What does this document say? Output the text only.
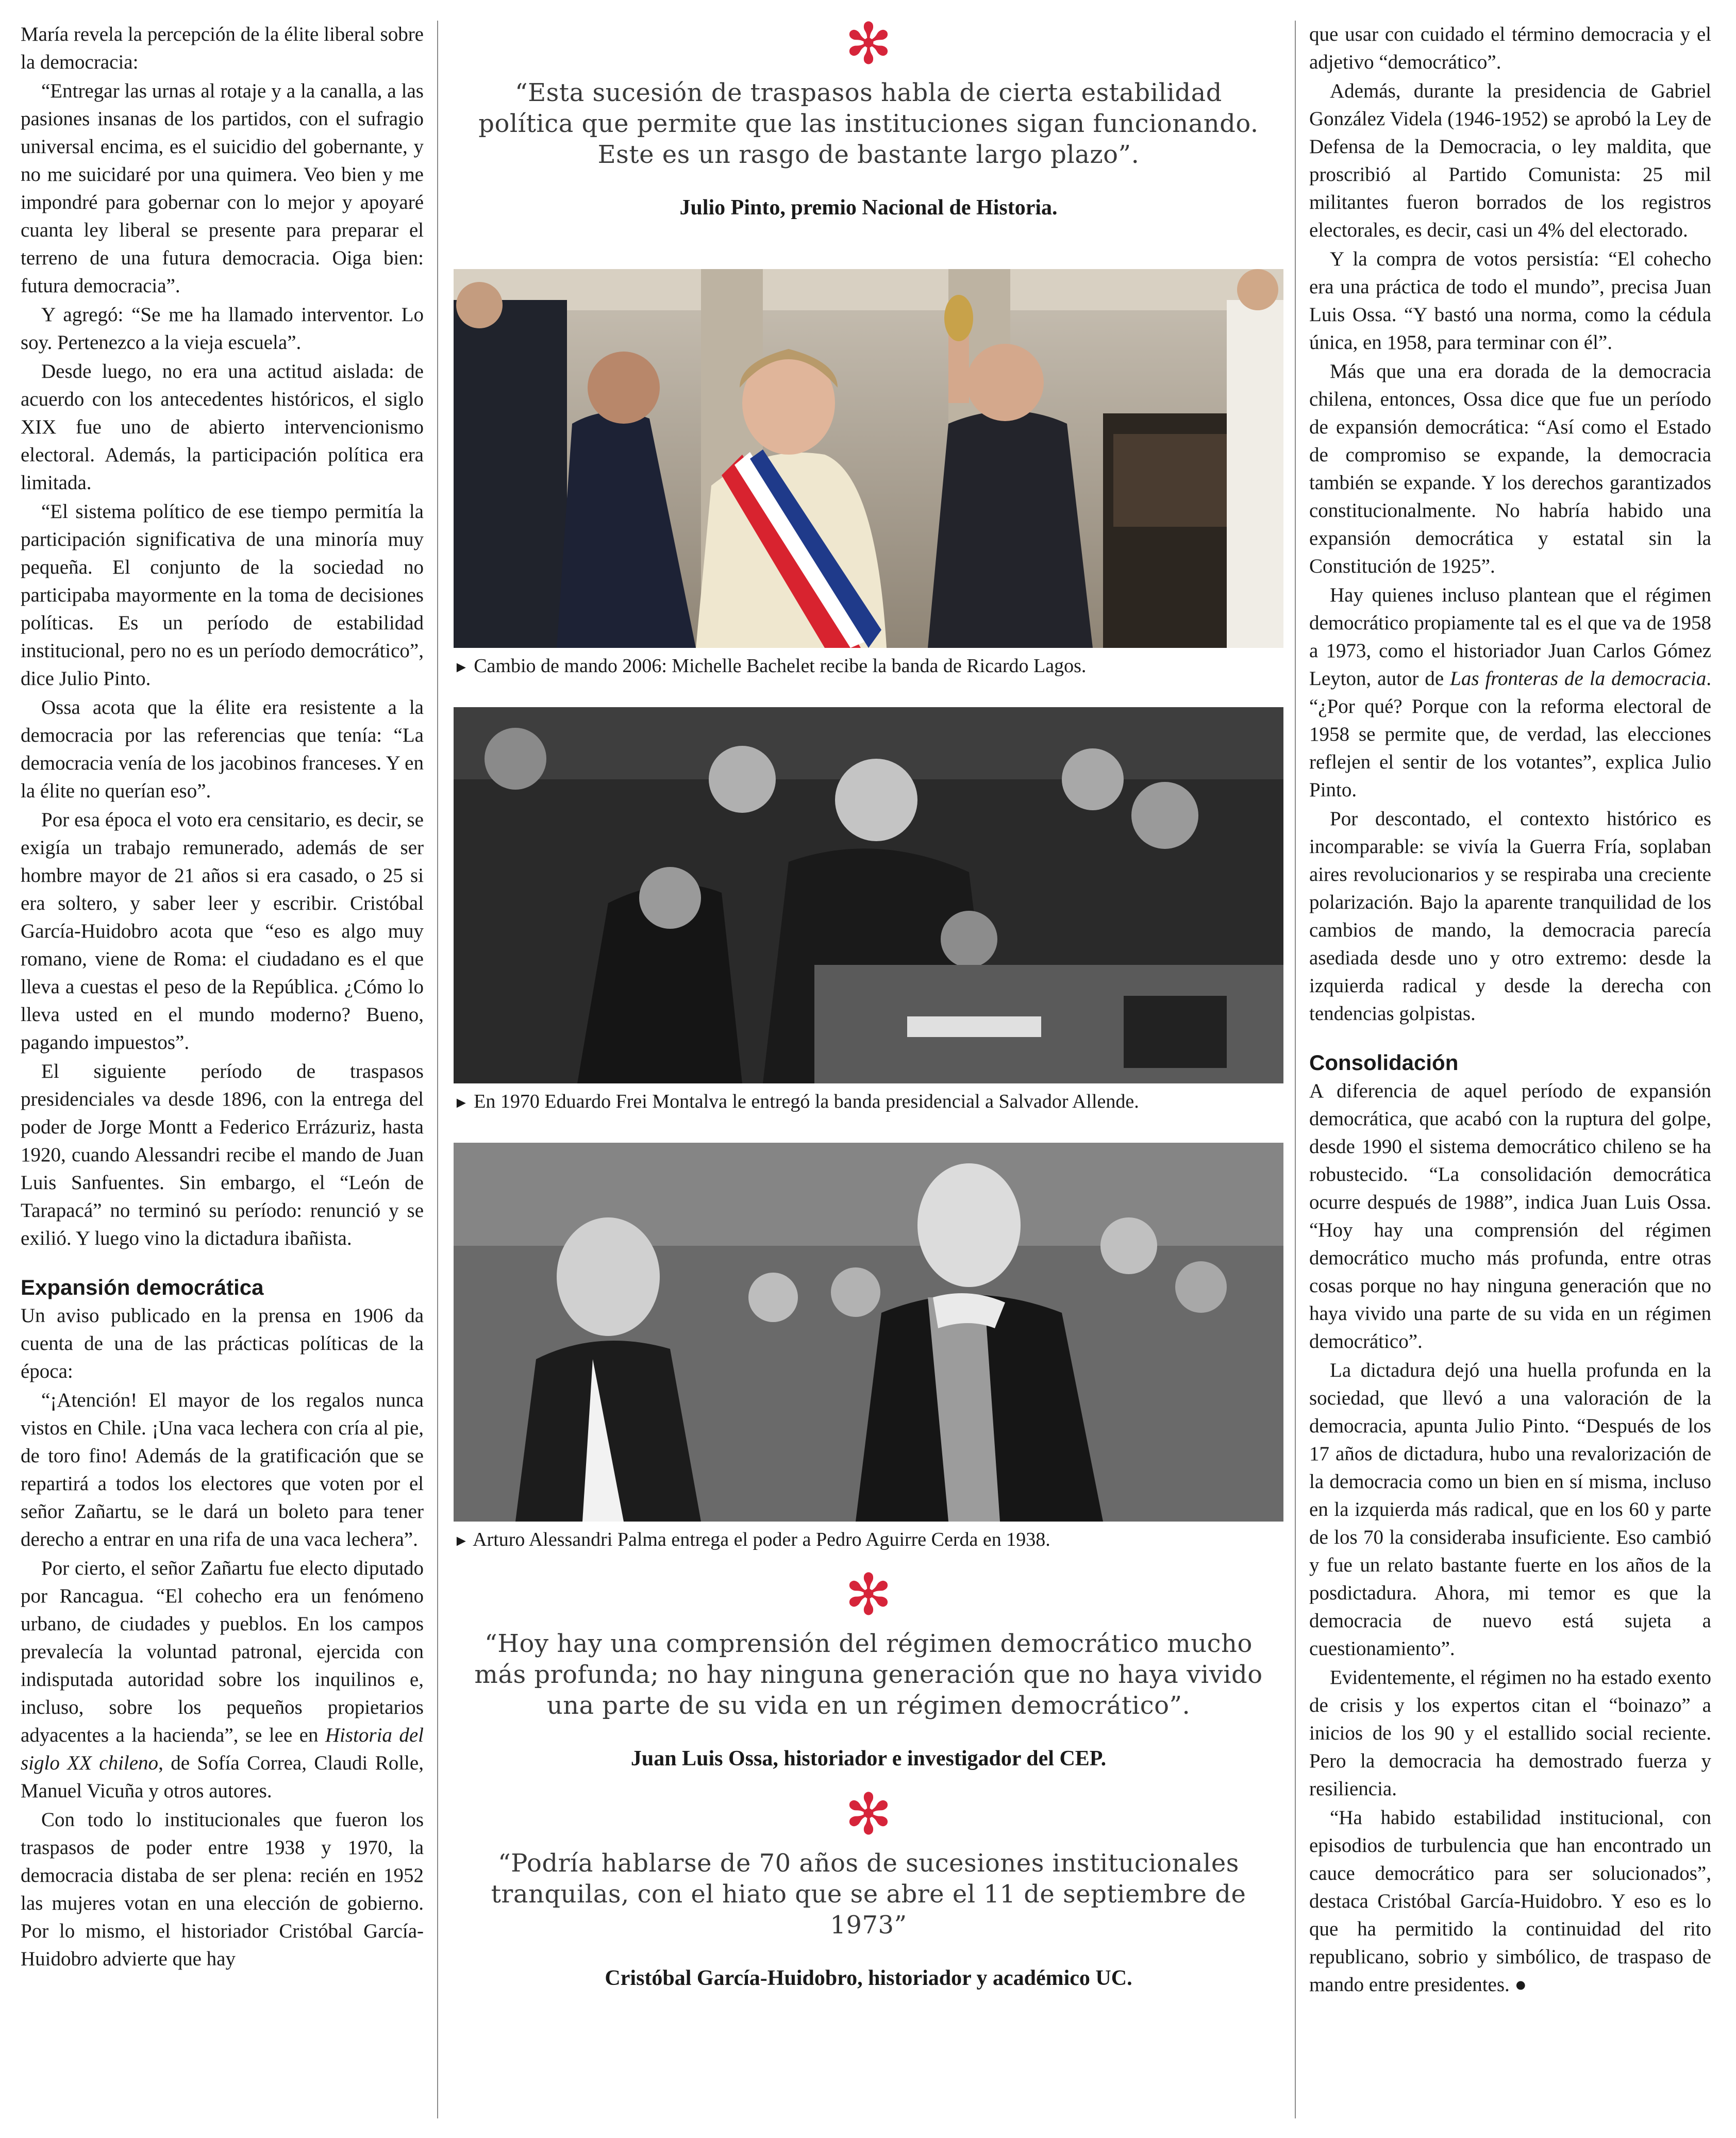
María revela la percepción de la élite liberal sobre la democracia:

“Entregar las urnas al rotaje y a la canalla, a las pasiones insanas de los partidos, con el sufragio universal encima, es el suicidio del gobernante, y no me suicidaré por una quimera. Veo bien y me impondré para gobernar con lo mejor y apoyaré cuanta ley liberal se presente para preparar el terreno de una futura democracia. Oiga bien: futura democracia”.

Y agregó: “Se me ha llamado interventor. Lo soy. Pertenezco a la vieja escuela”.

Desde luego, no era una actitud aislada: de acuerdo con los antecedentes históricos, el siglo XIX fue uno de abierto intervencionismo electoral. Además, la participación política era limitada.

“El sistema político de ese tiempo permitía la participación significativa de una minoría muy pequeña. El conjunto de la sociedad no participaba mayormente en la toma de decisiones políticas. Es un período de estabilidad institucional, pero no es un período democrático”, dice Julio Pinto.

Ossa acota que la élite era resistente a la democracia por las referencias que tenía: “La democracia venía de los jacobinos franceses. Y en la élite no querían eso”.

Por esa época el voto era censitario, es decir, se exigía un trabajo remunerado, además de ser hombre mayor de 21 años si era casado, o 25 si era soltero, y saber leer y escribir. Cristóbal García-Huidobro acota que “eso es algo muy romano, viene de Roma: el ciudadano es el que lleva a cuestas el peso de la República. ¿Cómo lo lleva usted en el mundo moderno? Bueno, pagando impuestos”.

El siguiente período de traspasos presidenciales va desde 1896, con la entrega del poder de Jorge Montt a Federico Errázuriz, hasta 1920, cuando Alessandri recibe el mando de Juan Luis Sanfuentes. Sin embargo, el “León de Tarapacá” no terminó su período: renunció y se exilió. Y luego vino la dictadura ibañista.

Expansión democrática

Un aviso publicado en la prensa en 1906 da cuenta de una de las prácticas políticas de la época:

“¡Atención! El mayor de los regalos nunca vistos en Chile. ¡Una vaca lechera con cría al pie, de toro fino! Además de la gratificación que se repartirá a todos los electores que voten por el señor Zañartu, se le dará un boleto para tener derecho a entrar en una rifa de una vaca lechera”.

Por cierto, el señor Zañartu fue electo diputado por Rancagua. “El cohecho era un fenómeno urbano, de ciudades y pueblos. En los campos prevalecía la voluntad patronal, ejercida con indisputada autoridad sobre los inquilinos e, incluso, sobre los pequeños propietarios adyacentes a la hacienda”, se lee en Historia del siglo XX chileno, de Sofía Correa, Claudi Rolle, Manuel Vicuña y otros autores.

Con todo lo institucionales que fueron los traspasos de poder entre 1938 y 1970, la democracia distaba de ser plena: recién en 1952 las mujeres votan en una elección de gobierno. Por lo mismo, el historiador Cristóbal García-Huidobro advierte que hay

✻
“Esta sucesión de traspasos habla de cierta estabilidad política que permite que las instituciones sigan funcionando. Este es un rasgo de bastante largo plazo”.
Julio Pinto, premio Nacional de Historia.
► Cambio de mando 2006: Michelle Bachelet recibe la banda de Ricardo Lagos.
► En 1970 Eduardo Frei Montalva le entregó la banda presidencial a Salvador Allende.
► Arturo Alessandri Palma entrega el poder a Pedro Aguirre Cerda en 1938.
✻
“Hoy hay una comprensión del régimen democrático mucho más profunda; no hay ninguna generación que no haya vivido una parte de su vida en un régimen democrático”.
Juan Luis Ossa, historiador e investigador del CEP.
✻
“Podría hablarse de 70 años de sucesiones institucionales tranquilas, con el hiato que se abre el 11 de septiembre de 1973”
Cristóbal García-Huidobro, historiador y académico UC.

que usar con cuidado el término democracia y el adjetivo “democrático”.

Además, durante la presidencia de Gabriel González Videla (1946-1952) se aprobó la Ley de Defensa de la Democracia, o ley maldita, que proscribió al Partido Comunista: 25 mil militantes fueron borrados de los registros electorales, es decir, casi un 4% del electorado.

Y la compra de votos persistía: “El cohecho era una práctica de todo el mundo”, precisa Juan Luis Ossa. “Y bastó una norma, como la cédula única, en 1958, para terminar con él”.

Más que una era dorada de la democracia chilena, entonces, Ossa dice que fue un período de expansión democrática: “Así como el Estado de compromiso se expande, la democracia también se expande. Y los derechos garantizados constitucionalmente. No habría habido una expansión democrática y estatal sin la Constitución de 1925”.

Hay quienes incluso plantean que el régimen democrático propiamente tal es el que va de 1958 a 1973, como el historiador Juan Carlos Gómez Leyton, autor de Las fronteras de la democracia. “¿Por qué? Porque con la reforma electoral de 1958 se permite que, de verdad, las elecciones reflejen el sentir de los votantes”, explica Julio Pinto.

Por descontado, el contexto histórico es incomparable: se vivía la Guerra Fría, soplaban aires revolucionarios y se respiraba una creciente polarización. Bajo la aparente tranquilidad de los cambios de mando, la democracia parecía asediada desde uno y otro extremo: desde la izquierda radical y desde la derecha con tendencias golpistas.

Consolidación

A diferencia de aquel período de expansión democrática, que acabó con la ruptura del golpe, desde 1990 el sistema democrático chileno se ha robustecido. “La consolidación democrática ocurre después de 1988”, indica Juan Luis Ossa. “Hoy hay una comprensión del régimen democrático mucho más profunda, entre otras cosas porque no hay ninguna generación que no haya vivido una parte de su vida en un régimen democrático”.

La dictadura dejó una huella profunda en la sociedad, que llevó a una valoración de la democracia, apunta Julio Pinto. “Después de los 17 años de dictadura, hubo una revalorización de la democracia como un bien en sí misma, incluso en la izquierda más radical, que en los 60 y parte de los 70 la consideraba insuficiente. Eso cambió y fue un relato bastante fuerte en los años de la posdictadura. Ahora, mi temor es que la democracia de nuevo está sujeta a cuestionamiento”.

Evidentemente, el régimen no ha estado exento de crisis y los expertos citan el “boinazo” a inicios de los 90 y el estallido social reciente. Pero la democracia ha demostrado fuerza y resiliencia.

“Ha habido estabilidad institucional, con episodios de turbulencia que han encontrado un cauce democrático para ser solucionados”, destaca Cristóbal García-Huidobro. Y eso es lo que ha permitido la continuidad del rito republicano, sobrio y simbólico, de traspaso de mando entre presidentes. ●
